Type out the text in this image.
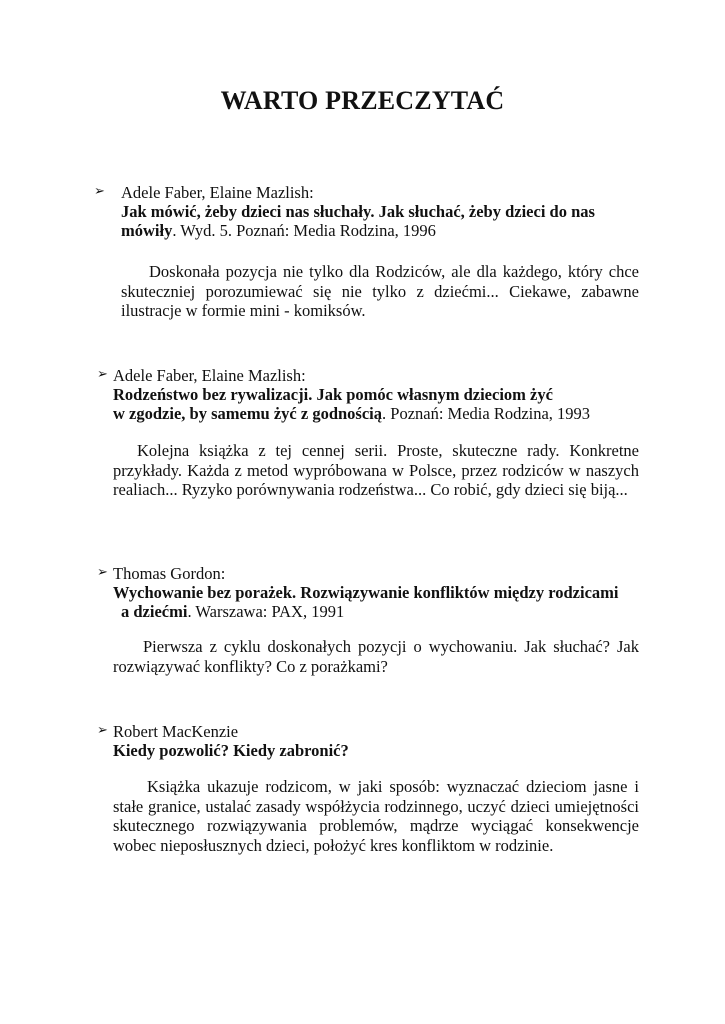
WARTO PRZECZYTAĆ
➢ Adele Faber, Elaine Mazlish:
Jak mówić, żeby dzieci nas słuchały. Jak słuchać, żeby dzieci do nas
mówiły. Wyd. 5. Poznań: Media Rodzina, 1996

Doskonała pozycja nie tylko dla Rodziców, ale dla każdego, który chce skuteczniej porozumiewać się nie tylko z dziećmi... Ciekawe, zabawne ilustracje w formie mini - komiksów.

➢ Adele Faber, Elaine Mazlish:
Rodzeństwo bez rywalizacji. Jak pomóc własnym dzieciom żyć
w zgodzie, by samemu żyć z godnością. Poznań: Media Rodzina, 1993

Kolejna książka z tej cennej serii. Proste, skuteczne rady. Konkretne przykłady. Każda z metod wypróbowana w Polsce, przez rodziców w naszych realiach... Ryzyko porównywania rodzeństwa... Co robić, gdy dzieci się biją...

➢ Thomas Gordon:
Wychowanie bez porażek. Rozwiązywanie konfliktów między rodzicami
a dziećmi. Warszawa: PAX, 1991

Pierwsza z cyklu doskonałych pozycji o wychowaniu. Jak słuchać? Jak rozwiązywać konflikty? Co z porażkami?

➢ Robert MacKenzie
Kiedy pozwolić? Kiedy zabronić?

Książka ukazuje rodzicom, w jaki sposób: wyznaczać dzieciom jasne i stałe granice, ustalać zasady współżycia rodzinnego, uczyć dzieci umiejętności skutecznego rozwiązywania problemów, mądrze wyciągać konsekwencje wobec nieposłusznych dzieci, położyć kres konfliktom w rodzinie.
